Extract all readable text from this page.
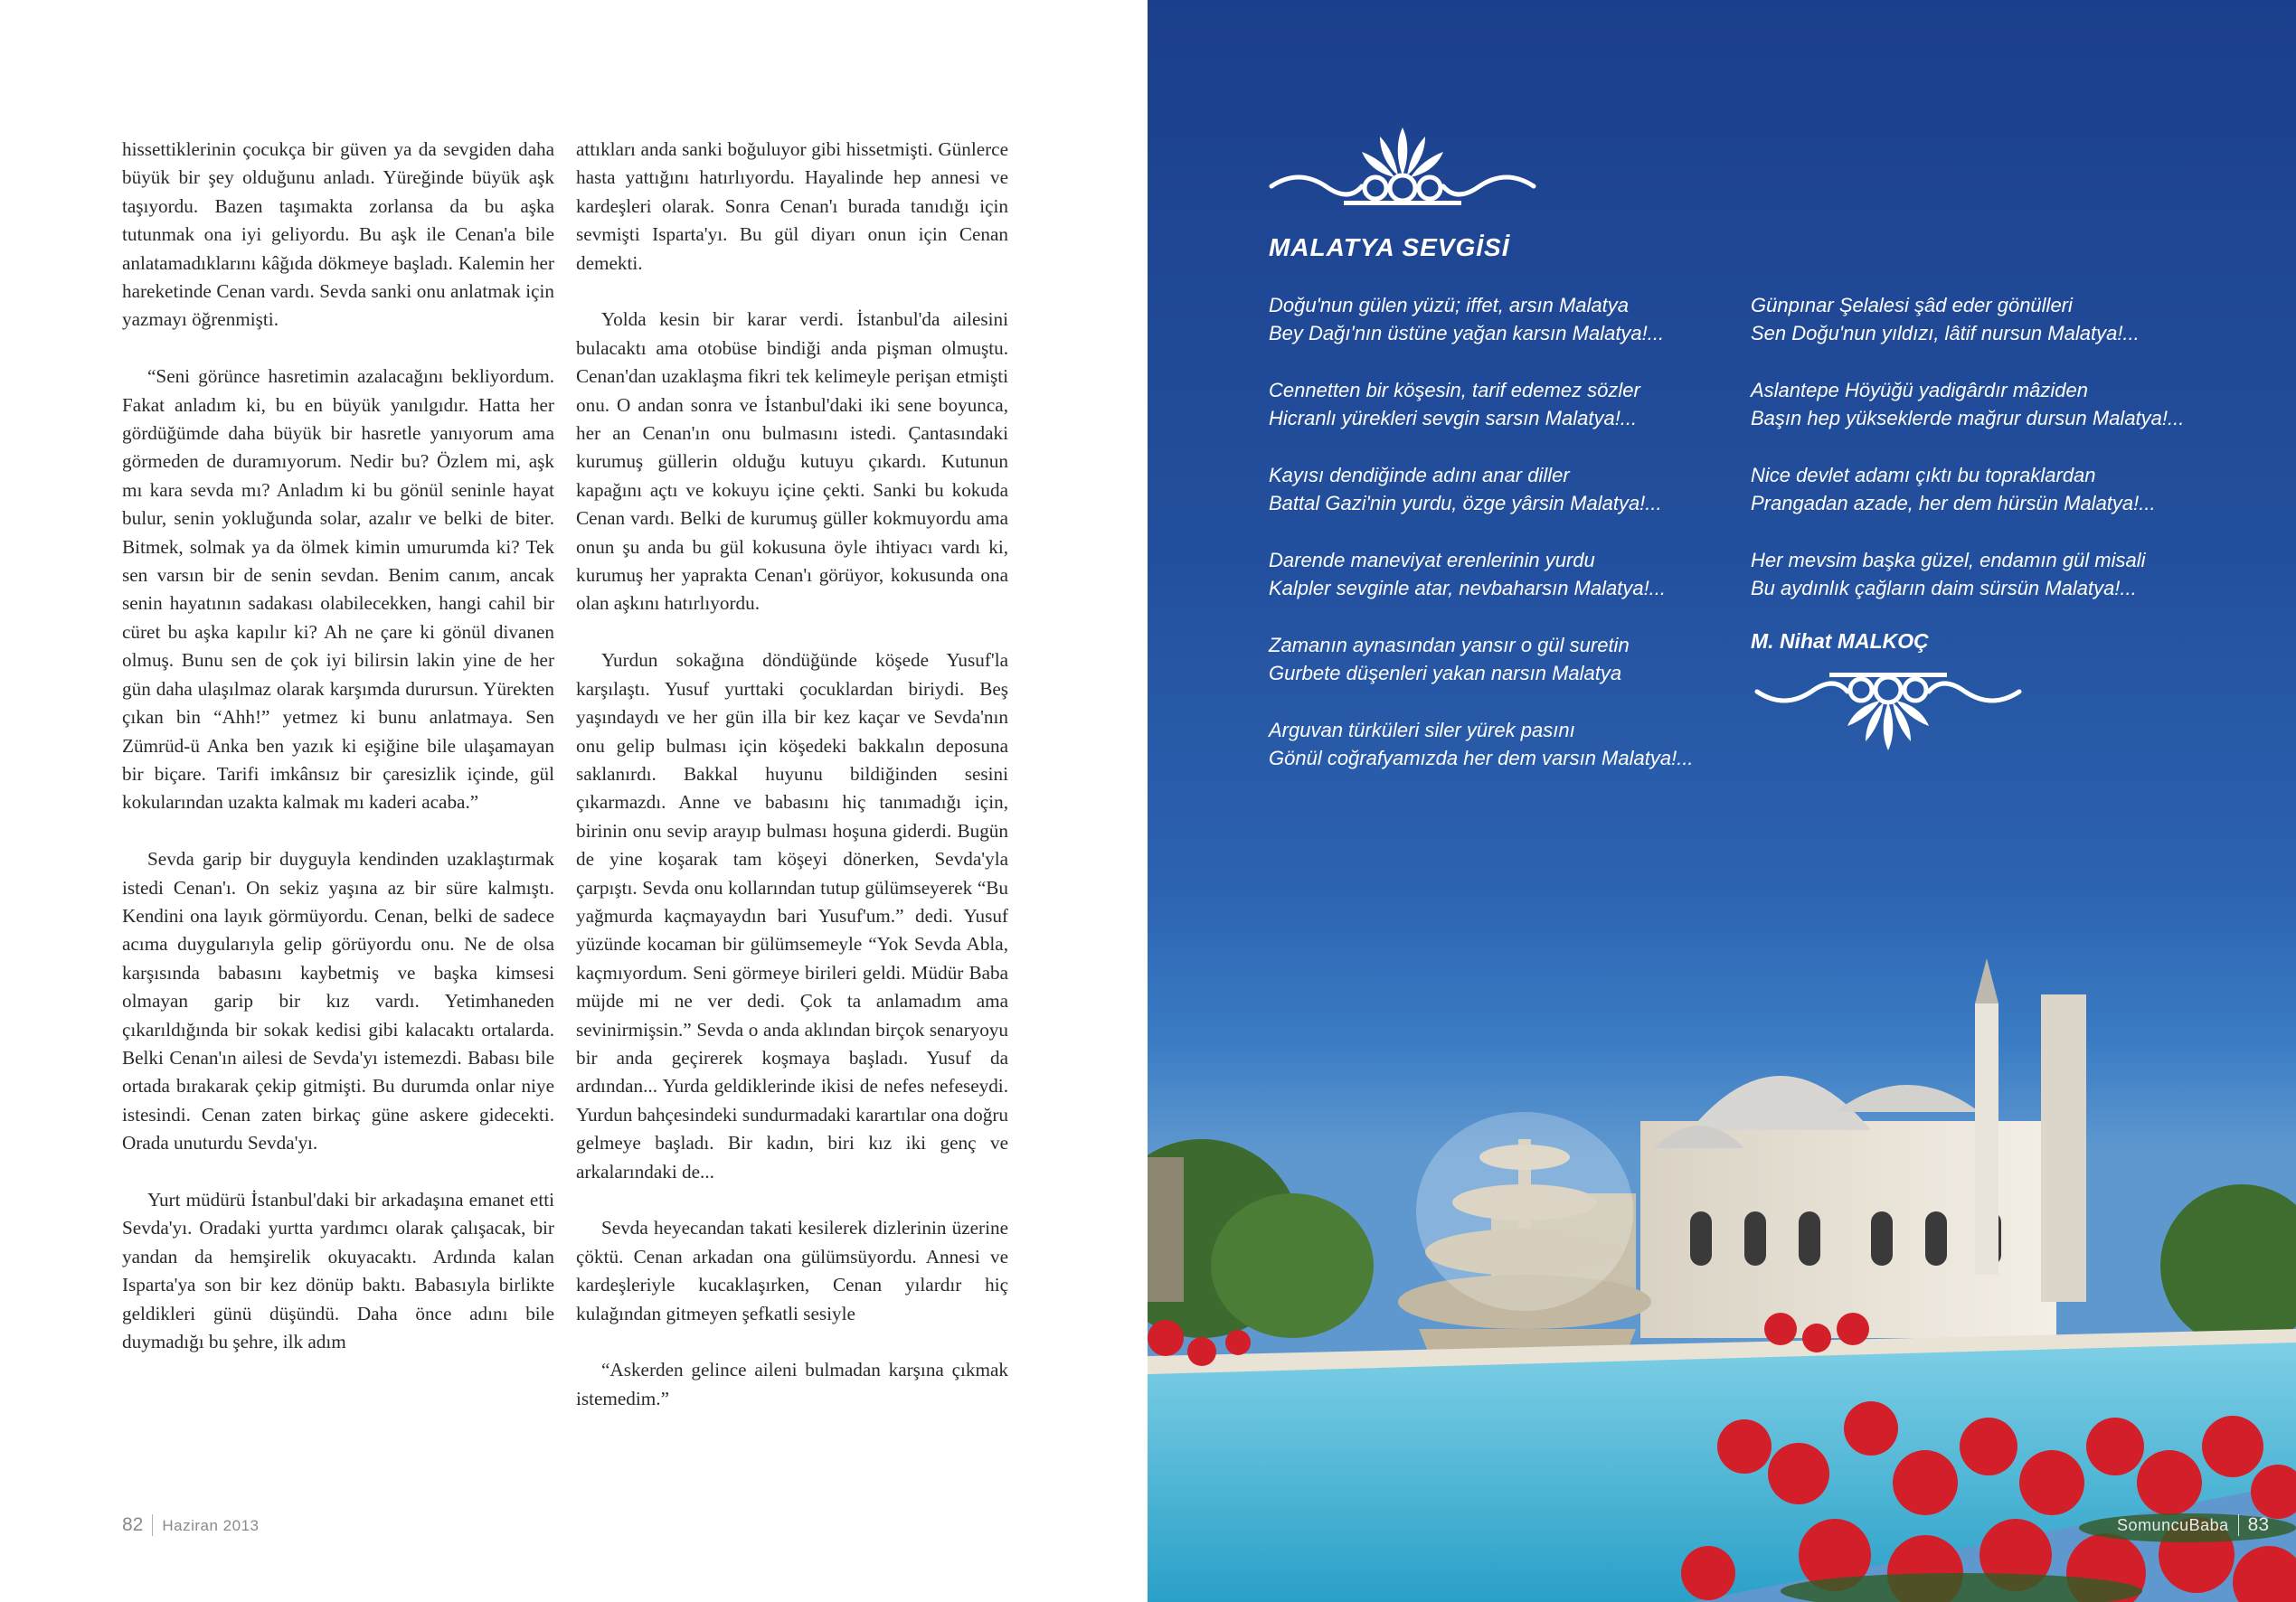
hissettiklerinin çocukça bir güven ya da sevgiden daha büyük bir şey olduğunu anladı. Yüreğinde büyük aşk taşıyordu. Bazen taşımakta zorlansa da bu aşka tutunmak ona iyi geliyordu. Bu aşk ile Cenan'a bile anlatamadıklarını kâğıda dökmeye başladı. Kalemin her hareketinde Cenan vardı. Sevda sanki onu anlatmak için yazmayı öğrenmişti.

“Seni görünce hasretimin azalacağını bekliyordum. Fakat anladım ki, bu en büyük yanılgıdır. Hatta her gördüğümde daha büyük bir hasretle yanıyorum ama görmeden de duramıyorum. Nedir bu? Özlem mi, aşk mı kara sevda mı? Anladım ki bu gönül seninle hayat bulur, senin yokluğunda solar, azalır ve belki de biter. Bitmek, solmak ya da ölmek kimin umurumda ki? Tek sen varsın bir de senin sevdan. Benim canım, ancak senin hayatının sadakası olabilecekken, hangi cahil bir cüret bu aşka kapılır ki? Ah ne çare ki gönül divanen olmuş. Bunu sen de çok iyi bilirsin lakin yine de her gün daha ulaşılmaz olarak karşımda durursun. Yürekten çıkan bin “Ahh!” yetmez ki bunu anlatmaya. Sen Zümrüd-ü Anka ben yazık ki eşiğine bile ulaşamayan bir biçare. Tarifi imkânsız bir çaresizlik içinde, gül kokularından uzakta kalmak mı kaderi acaba.”

Sevda garip bir duyguyla kendinden uzaklaştırmak istedi Cenan'ı. On sekiz yaşına az bir süre kalmıştı. Kendini ona layık görmüyordu. Cenan, belki de sadece acıma duygularıyla gelip görüyordu onu. Ne de olsa karşısında babasını kaybetmiş ve başka kimsesi olmayan garip bir kız vardı. Yetimhaneden çıkarıldığında bir sokak kedisi gibi kalacaktı ortalarda. Belki Cenan'ın ailesi de Sevda'yı istemezdi. Babası bile ortada bırakarak çekip gitmişti. Bu durumda onlar niye istesindi. Cenan zaten birkaç güne askere gidecekti. Orada unuturdu Sevda'yı.

Yurt müdürü İstanbul'daki bir arkadaşına emanet etti Sevda'yı. Oradaki yurtta yardımcı olarak çalışacak, bir yandan da hemşirelik okuyacaktı. Ardında kalan Isparta'ya son bir kez dönüp baktı. Babasıyla birlikte geldikleri günü düşündü. Daha önce adını bile duymadığı bu şehre, ilk adım

attıkları anda sanki boğuluyor gibi hissetmişti. Günlerce hasta yattığını hatırlıyordu. Hayalinde hep annesi ve kardeşleri olarak. Sonra Cenan'ı burada tanıdığı için sevmişti Isparta'yı. Bu gül diyarı onun için Cenan demekti.

Yolda kesin bir karar verdi. İstanbul'da ailesini bulacaktı ama otobüse bindiği anda pişman olmuştu. Cenan'dan uzaklaşma fikri tek kelimeyle perişan etmişti onu. O andan sonra ve İstanbul'daki iki sene boyunca, her an Cenan'ın onu bulmasını istedi. Çantasındaki kurumuş güllerin olduğu kutuyu çıkardı. Kutunun kapağını açtı ve kokuyu içine çekti. Sanki bu kokuda Cenan vardı. Belki de kurumuş güller kokmuyordu ama onun şu anda bu gül kokusuna öyle ihtiyacı vardı ki, kurumuş her yaprakta Cenan'ı görüyor, kokusunda ona olan aşkını hatırlıyordu.

Yurdun sokağına döndüğünde köşede Yusuf'la karşılaştı. Yusuf yurttaki çocuklardan biriydi. Beş yaşındaydı ve her gün illa bir kez kaçar ve Sevda'nın onu gelip bulması için köşedeki bakkalın deposuna saklanırdı. Bakkal huyunu bildiğinden sesini çıkarmazdı. Anne ve babasını hiç tanımadığı için, birinin onu sevip arayıp bulması hoşuna giderdi. Bugün de yine koşarak tam köşeyi dönerken, Sevda'yla çarpıştı. Sevda onu kollarından tutup gülümseyerek “Bu yağmurda kaçmayaydın bari Yusuf'um.” dedi. Yusuf yüzünde kocaman bir gülümsemeyle “Yok Sevda Abla, kaçmıyordum. Seni görmeye birileri geldi. Müdür Baba müjde mi ne ver dedi. Çok ta anlamadım ama sevinirmişsin.” Sevda o anda aklından birçok senaryoyu bir anda geçirerek koşmaya başladı. Yusuf da ardından... Yurda geldiklerinde ikisi de nefes nefeseydi. Yurdun bahçesindeki sundurmadaki karartılar ona doğru gelmeye başladı. Bir kadın, biri kız iki genç ve arkalarındaki de...

Sevda heyecandan takati kesilerek dizlerinin üzerine çöktü. Cenan arkadan ona gülümsüyordu. Annesi ve kardeşleriyle kucaklaşırken, Cenan yılardır hiç kulağından gitmeyen şefkatli sesiyle

“Askerden gelince aileni bulmadan karşına çıkmak istemedim.”

82 Haziran 2013
MALATYA SEVGİSİ
Doğu'nun gülen yüzü; iffet, arsın Malatya
Bey Dağı'nın üstüne yağan karsın Malatya!...
Cennetten bir köşesin, tarif edemez sözler
Hicranlı yürekleri sevgin sarsın Malatya!...
Kayısı dendiğinde adını anar diller
Battal Gazi'nin yurdu, özge yârsin Malatya!...
Darende maneviyat erenlerinin yurdu
Kalpler sevginle atar, nevbaharsın Malatya!...
Zamanın aynasından yansır o gül suretin
Gurbete düşenleri yakan narsın Malatya
Arguvan türküleri siler yürek pasını
Gönül coğrafyamızda her dem varsın Malatya!...
Günpınar Şelalesi şâd eder gönülleri
Sen Doğu'nun yıldızı, lâtif nursun Malatya!...
Aslantepe Höyüğü yadigârdır mâziden
Başın hep yükseklerde mağrur dursun Malatya!...
Nice devlet adamı çıktı bu topraklardan
Prangadan azade, her dem hürsün Malatya!...
Her mevsim başka güzel, endamın gül misali
Bu aydınlık çağların daim sürsün Malatya!...
M. Nihat MALKOÇ
SomuncuBaba 83
